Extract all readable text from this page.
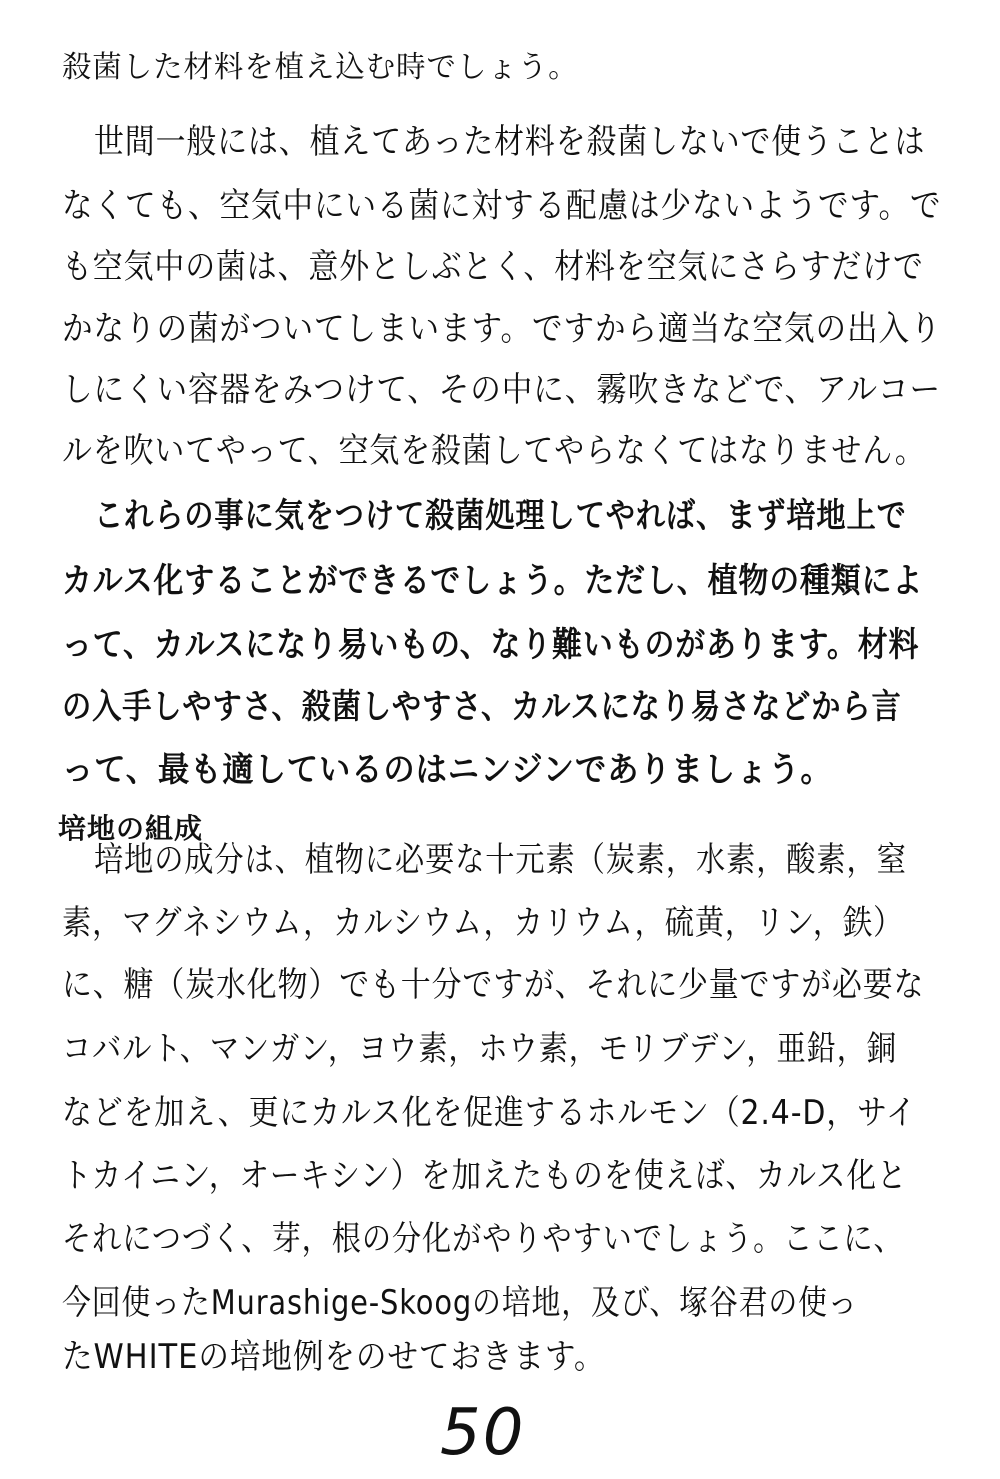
殺菌した材料を植え込む時でしょう。
世間一般には、植えてあった材料を殺菌しないで使うことは
なくても、空気中にいる菌に対する配慮は少ないようです。で
も空気中の菌は、意外としぶとく、材料を空気にさらすだけで
かなりの菌がついてしまいます。ですから適当な空気の出入り
しにくい容器をみつけて、その中に、霧吹きなどで、アルコー
ルを吹いてやって、空気を殺菌してやらなくてはなりません。
これらの事に気をつけて殺菌処理してやれば、まず培地上で
カルス化することができるでしょう。ただし、植物の種類によ
って、カルスになり易いもの、なり難いものがあります。材料
の入手しやすさ、殺菌しやすさ、カルスになり易さなどから言
って、最も適しているのはニンジンでありましょう。
培地の組成
培地の成分は、植物に必要な十元素（炭素，水素，酸素，窒
素，マグネシウム，カルシウム，カリウム，硫黄，リン，鉄）
に、糖（炭水化物）でも十分ですが、それに少量ですが必要な
コバルト、マンガン，ヨウ素，ホウ素，モリブデン，亜鉛，銅
などを加え、更にカルス化を促進するホルモン（2.4-D，サイ
トカイニン，オーキシン）を加えたものを使えば、カルス化と
それにつづく、芽，根の分化がやりやすいでしょう。ここに、
今回使ったMurashige-Skoogの培地，及び、塚谷君の使っ
たWHITEの培地例をのせておきます。
50
